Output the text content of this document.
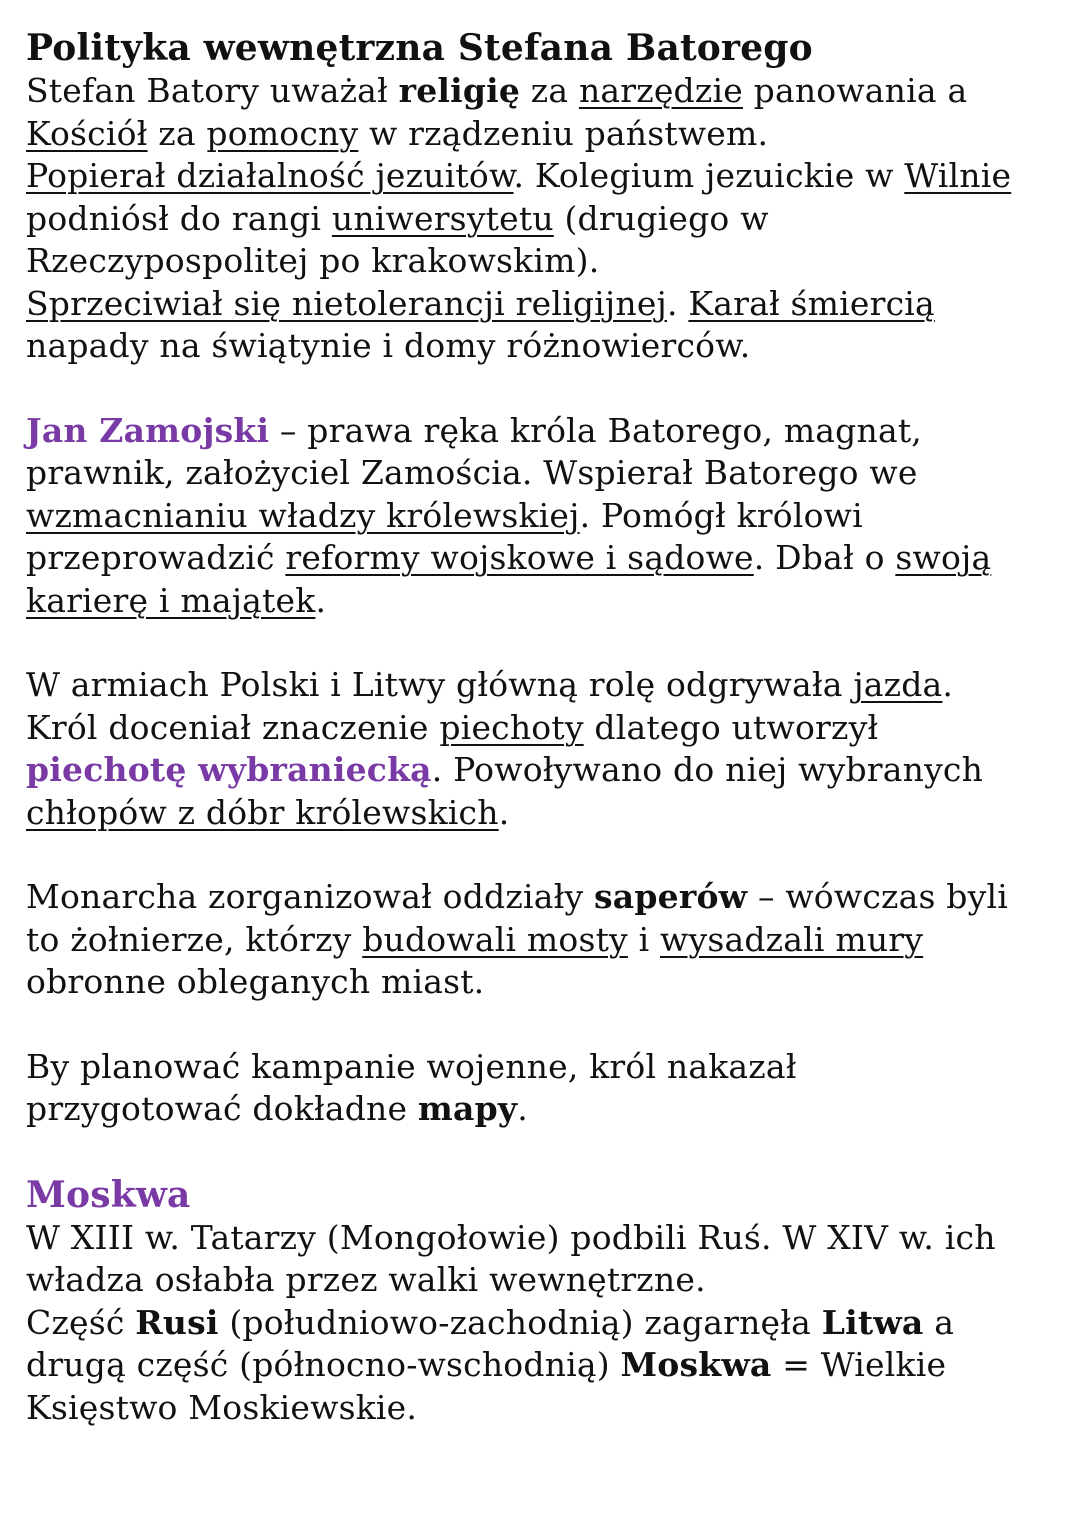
Polityka wewnętrzna Stefana Batorego

Stefan Batory uważał religię za narzędzie panowania a

Kościół za pomocny w rządzeniu państwem.

Popierał działalność jezuitów. Kolegium jezuickie w Wilnie

podniósł do rangi uniwersytetu (drugiego w

Rzeczypospolitej po krakowskim).

Sprzeciwiał się nietolerancji religijnej. Karał śmiercią

napady na świątynie i domy różnowierców.

Jan Zamojski – prawa ręka króla Batorego, magnat,

prawnik, założyciel Zamościa. Wspierał Batorego we

wzmacnianiu władzy królewskiej. Pomógł królowi

przeprowadzić reformy wojskowe i sądowe. Dbał o swoją

karierę i majątek.

W armiach Polski i Litwy główną rolę odgrywała jazda.

Król doceniał znaczenie piechoty dlatego utworzył

piechotę wybraniecką. Powoływano do niej wybranych

chłopów z dóbr królewskich.

Monarcha zorganizował oddziały saperów – wówczas byli

to żołnierze, którzy budowali mosty i wysadzali mury

obronne obleganych miast.

By planować kampanie wojenne, król nakazał

przygotować dokładne mapy.

Moskwa

W XIII w. Tatarzy (Mongołowie) podbili Ruś. W XIV w. ich

władza osłabła przez walki wewnętrzne.

Część Rusi (południowo-zachodnią) zagarnęła Litwa a

drugą część (północno-wschodnią) Moskwa = Wielkie

Księstwo Moskiewskie.
